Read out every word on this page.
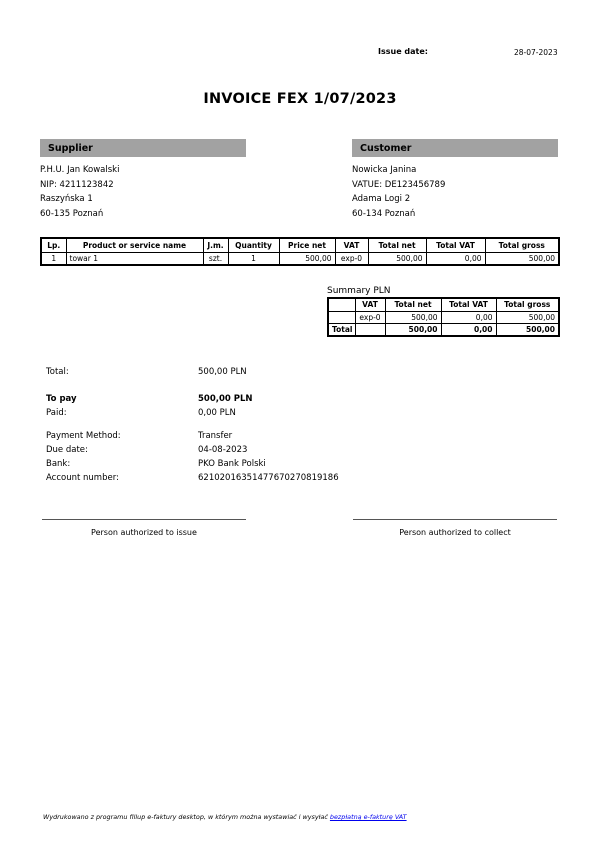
Issue date:	28-07-2023
INVOICE FEX 1/07/2023
Supplier
P.H.U. Jan Kowalski
NIP: 4211123842
Raszyńska 1
60-135 Poznań
Customer
Nowicka Janina
VATUE: DE123456789
Adama Logi 2
60-134 Poznań
Lp.	Product or service name	J.m.	Quantity	Price net	VAT	Total net	Total VAT	Total gross
1	towar 1	szt.	1	500,00	exp-0	500,00	0,00	500,00
Summary PLN
	VAT	Total net	Total VAT	Total gross
	exp-0	500,00	0,00	500,00
Total		500,00	0,00	500,00
Total:	500,00 PLN
To pay	500,00 PLN
Paid:	0,00 PLN
Payment Method:	Transfer
Due date:	04-08-2023
Bank:	PKO Bank Polski
Account number:	62102016351477670270819186
Person authorized to issue	Person authorized to collect
Wydrukowano z programu fillup e-faktury desktop, w którym można wystawiać i wysyłać bezpłatną e-fakturę VAT
